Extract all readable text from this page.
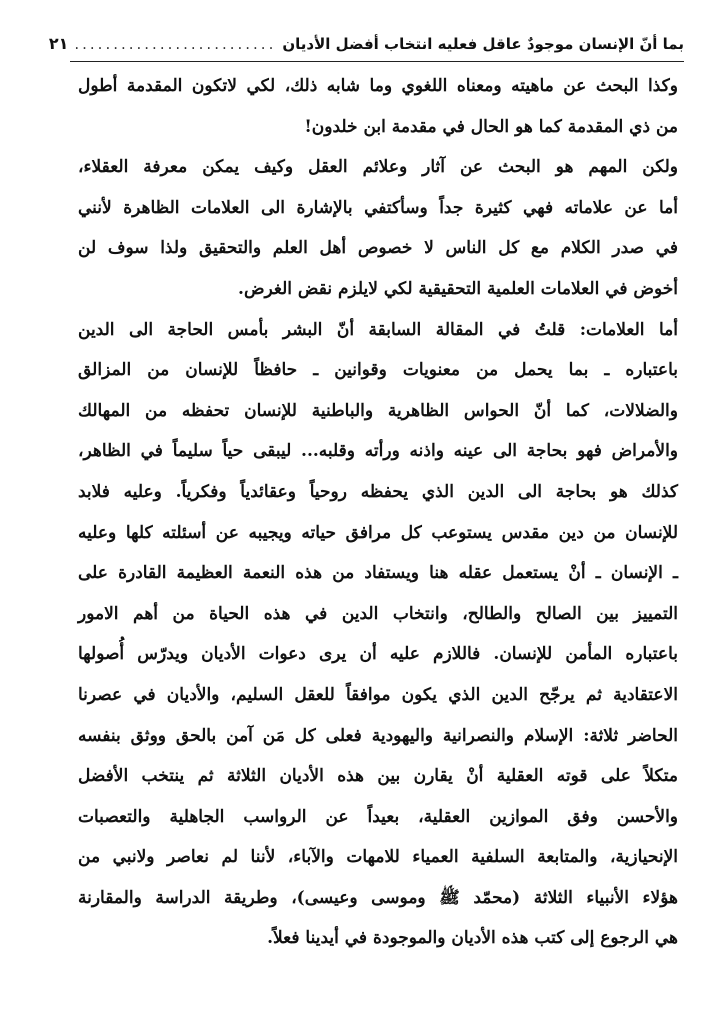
بما أنّ الإنسان موجودٌ عاقل فعليه انتخاب أفضل الأديان
..........................
٢١
وكذا البحث عن ماهيته ومعناه اللغوي وما شابه ذلك، لكي لاتكون المقدمة أطول
من ذي المقدمة كما هو الحال في مقدمة ابن خلدون!
ولكن المهم هو البحث عن آثار وعلائم العقل وكيف يمكن معرفة العقلاء،
أما عن علاماته فهي كثيرة جداً وسأكتفي بالإشارة الى العلامات الظاهرة لأنني
في صدر الكلام مع كل الناس لا خصوص أهل العلم والتحقيق ولذا سوف لن
أخوض في العلامات العلمية التحقيقية لكي لايلزم نقض الغرض.
أما العلامات: قلتُ في المقالة السابقة أنّ البشر بأمس الحاجة الى الدين
باعتباره ـ بما يحمل من معنويات وقوانين ـ حافظاً للإنسان من المزالق
والضلالات، كما أنّ الحواس الظاهرية والباطنية للإنسان تحفظه من المهالك
والأمراض فهو بحاجة الى عينه واذنه ورأته وقلبه... ليبقى حياً سليماً في الظاهر،
كذلك هو بحاجة الى الدين الذي يحفظه روحياً وعقائدياً وفكرياً. وعليه فلابد
للإنسان من دين مقدس يستوعب كل مرافق حياته ويجيبه عن أسئلته كلها وعليه
ـ الإنسان ـ أنْ يستعمل عقله هنا ويستفاد من هذه النعمة العظيمة القادرة على
التمييز بين الصالح والطالح، وانتخاب الدين في هذه الحياة من أهم الامور
باعتباره المأمن للإنسان. فاللازم عليه أن يرى دعوات الأديان ويدرّس أُصولها
الاعتقادية ثم يرجّح الدين الذي يكون موافقاً للعقل السليم، والأديان في عصرنا
الحاضر ثلاثة: الإسلام والنصرانية واليهودية فعلى كل مَن آمن بالحق ووثق بنفسه
متكلاً على قوته العقلية أنْ يقارن بين هذه الأديان الثلاثة ثم ينتخب الأفضل
والأحسن وفق الموازين العقلية، بعيداً عن الرواسب الجاهلية والتعصبات
الإنحيازية، والمتابعة السلفية العمياء للامهات والآباء، لأننا لم نعاصر ولانبي من
هؤلاء الأنبياء الثلاثة (محمّد ﷺ وموسى وعيسى)، وطريقة الدراسة والمقارنة
هي الرجوع إلى كتب هذه الأديان والموجودة في أيدينا فعلاً.
